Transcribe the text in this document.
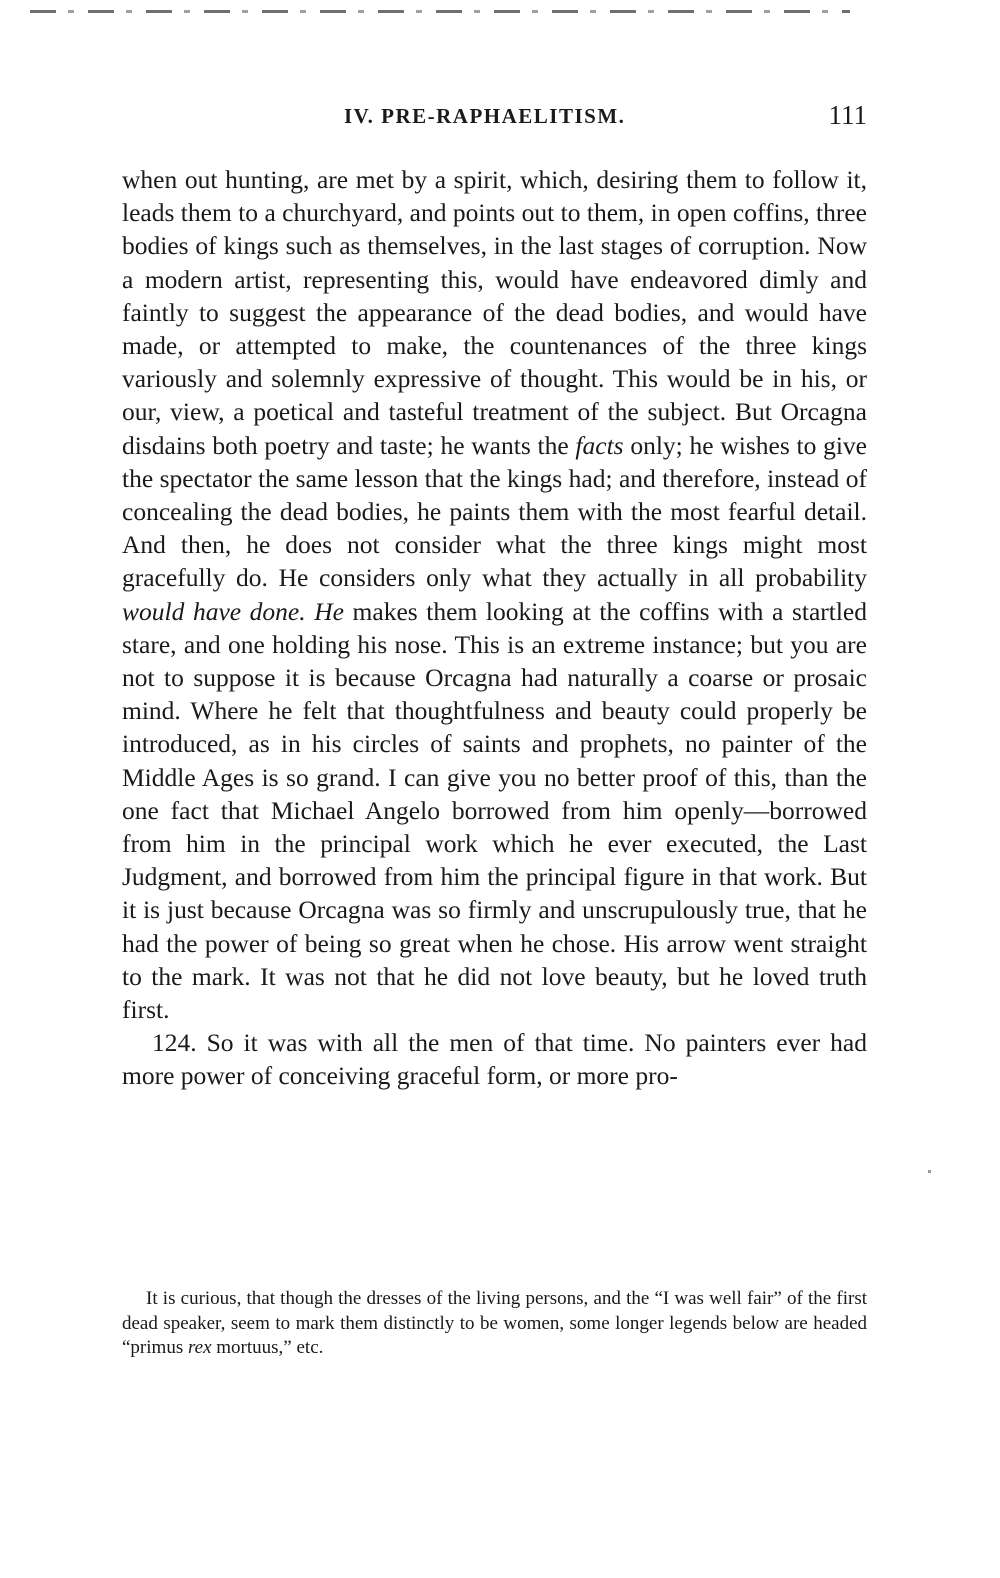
IV. PRE-RAPHAELITISM.	111

when out hunting, are met by a spirit, which, desiring them to follow it, leads them to a churchyard, and points out to them, in open coffins, three bodies of kings such as themselves, in the last stages of corruption. Now a modern artist, representing this, would have endeavored dimly and faintly to suggest the appearance of the dead bodies, and would have made, or attempted to make, the countenances of the three kings variously and solemnly expressive of thought. This would be in his, or our, view, a poetical and tasteful treatment of the subject. But Orcagna disdains both poetry and taste; he wants the facts only; he wishes to give the spectator the same lesson that the kings had; and therefore, instead of concealing the dead bodies, he paints them with the most fearful detail. And then, he does not consider what the three kings might most gracefully do. He considers only what they actually in all probability would have done. He makes them looking at the coffins with a startled stare, and one holding his nose. This is an extreme instance; but you are not to suppose it is because Orcagna had naturally a coarse or prosaic mind. Where he felt that thoughtfulness and beauty could properly be introduced, as in his circles of saints and prophets, no painter of the Middle Ages is so grand. I can give you no better proof of this, than the one fact that Michael Angelo borrowed from him openly—borrowed from him in the principal work which he ever executed, the Last Judgment, and borrowed from him the principal figure in that work. But it is just because Orcagna was so firmly and unscrupulously true, that he had the power of being so great when he chose. His arrow went straight to the mark. It was not that he did not love beauty, but he loved truth first.

124. So it was with all the men of that time. No painters ever had more power of conceiving graceful form, or more pro-

It is curious, that though the dresses of the living persons, and the “I was well fair” of the first dead speaker, seem to mark them distinctly to be women, some longer legends below are headed “primus rex mortuus,” etc.
